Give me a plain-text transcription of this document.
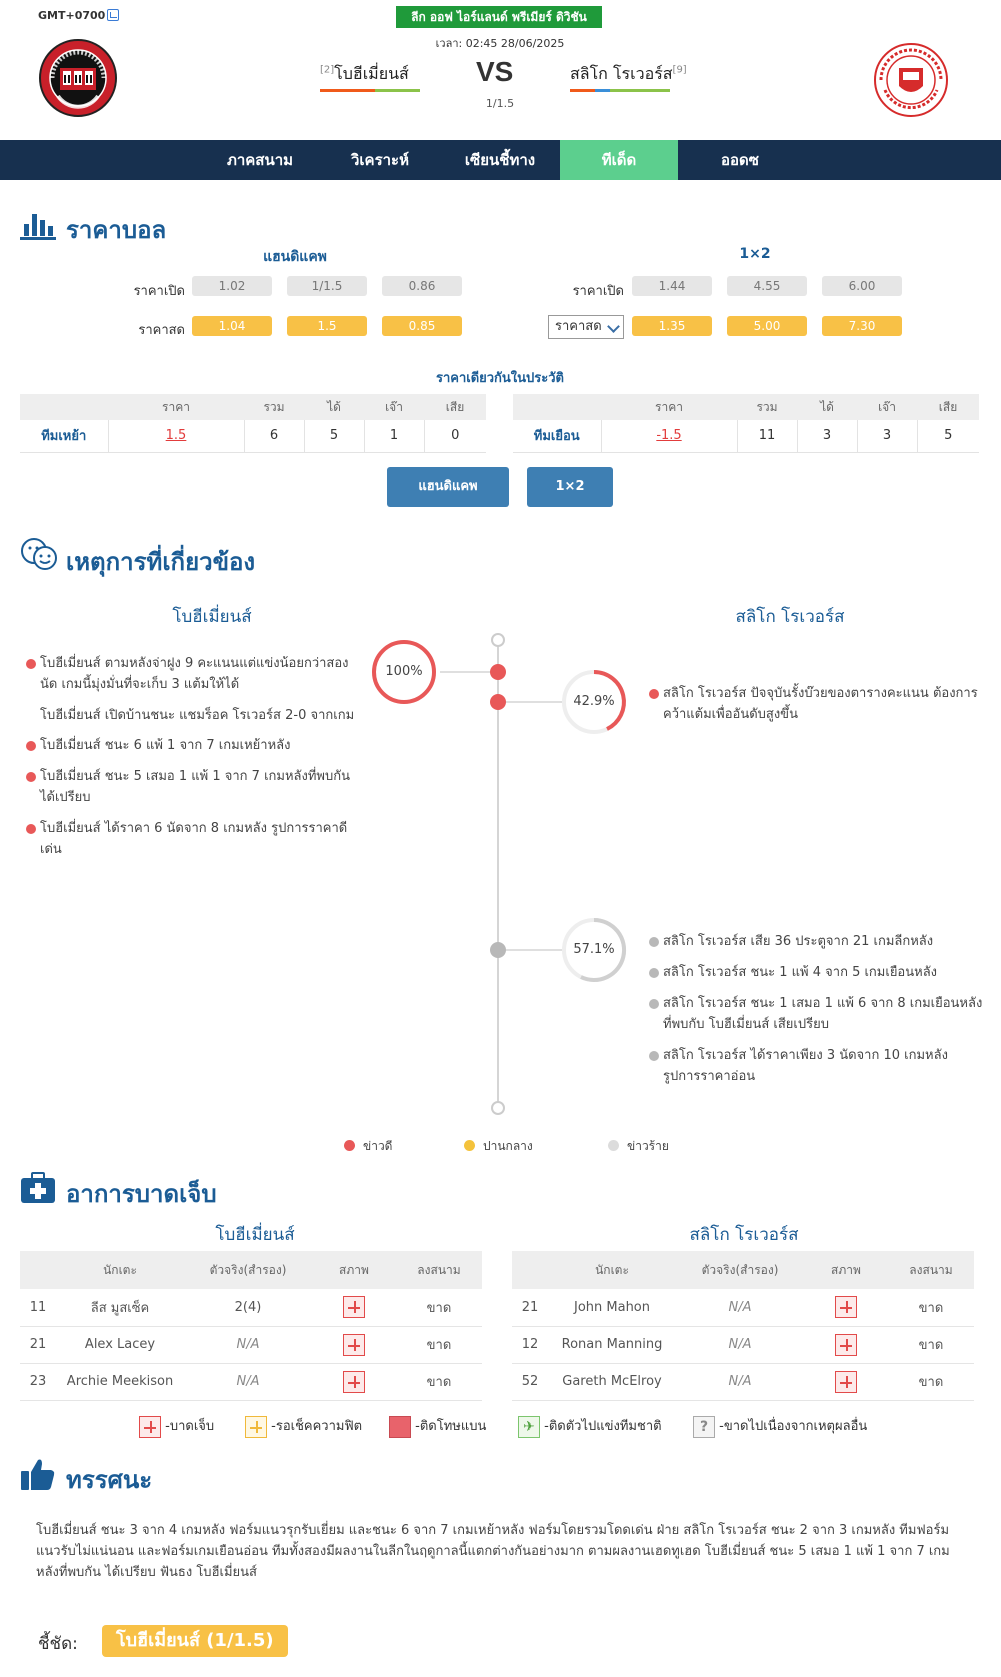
GMT+0700	ลีก ออฟ ไอร์แลนด์ พรีเมียร์ ดิวิชัน
เวลา: 02:45 28/06/2025
[2]โบฮีเมี่ยนส์ VS
1/1.5
สลิโก โรเวอร์ส[9]
ภาคสนาม	วิเคราะห์	เซียนชี้ทาง	ทีเด็ด	ออดซ
ราคาบอล
แฮนดิแคพ	1×2
ราคาเปิด	1.02	1/1.5	0.86
ราคาสด	1.04	1.5	0.85
ราคาเปิด	1.44	4.55	6.00
ราคาสด	1.35	5.00	7.30
ราคาเดียวกันในประวัติ
	ราคา	รวม	ได้	เจ๊า	เสีย
ทีมเหย้า	1.5	6	5	1	0
	ราคา	รวม	ได้	เจ๊า	เสีย
ทีมเยือน	-1.5	11	3	3	5
แฮนดิแคพ	1×2
เหตุการที่เกี่ยวข้อง
โบฮีเมี่ยนส์	สลิโก โรเวอร์ส
100%
42.9%
57.1%
โบฮีเมี่ยนส์ ตามหลังจ่าฝูง 9 คะแนนแต่แข่งน้อยกว่าสองนัด เกมนี้มุ่งมั่นที่จะเก็บ 3 แต้มให้ได้
โบฮีเมี่ยนส์ เปิดบ้านชนะ แชมร็อค โรเวอร์ส 2-0 จากเกม
โบฮีเมี่ยนส์ ชนะ 6 แพ้ 1 จาก 7 เกมเหย้าหลัง
โบฮีเมี่ยนส์ ชนะ 5 เสมอ 1 แพ้ 1 จาก 7 เกมหลังที่พบกัน ได้เปรียบ
โบฮีเมี่ยนส์ ได้ราคา 6 นัดจาก 8 เกมหลัง รูปการราคาดีเด่น
สลิโก โรเวอร์ส ปัจจุบันรั้งบ๊วยของตารางคะแนน ต้องการคว้าแต้มเพื่ออันดับสูงขึ้น
สลิโก โรเวอร์ส เสีย 36 ประตูจาก 21 เกมลีกหลัง
สลิโก โรเวอร์ส ชนะ 1 แพ้ 4 จาก 5 เกมเยือนหลัง
สลิโก โรเวอร์ส ชนะ 1 เสมอ 1 แพ้ 6 จาก 8 เกมเยือนหลังที่พบกับ โบฮีเมี่ยนส์ เสียเปรียบ
สลิโก โรเวอร์ส ได้ราคาเพียง 3 นัดจาก 10 เกมหลัง รูปการราคาอ่อน
ข่าวดี	ปานกลาง	ข่าวร้าย
อาการบาดเจ็บ
โบฮีเมี่ยนส์	สลิโก โรเวอร์ส
	นักเตะ	ตัวจริง(สำรอง)	สภาพ	ลงสนาม
11	ลีส มูสเซ็ค	2(4)		ขาด
21	Alex Lacey	N/A		ขาด
23	Archie Meekison	N/A		ขาด
	นักเตะ	ตัวจริง(สำรอง)	สภาพ	ลงสนาม
21	John Mahon	N/A		ขาด
12	Ronan Manning	N/A		ขาด
52	Gareth McElroy	N/A		ขาด
-บาดเจ็บ	-รอเช็คความฟิต	-ติดโทษแบน	✈ -ติดตัวไปแข่งทีมชาติ	? -ขาดไปเนื่องจากเหตุผลอื่น
ทรรศนะ
โบฮีเมี่ยนส์ ชนะ 3 จาก 4 เกมหลัง ฟอร์มแนวรุกรับเยี่ยม และชนะ 6 จาก 7 เกมเหย้าหลัง ฟอร์มโดยรวมโดดเด่น ฝ่าย สลิโก โรเวอร์ส ชนะ 2 จาก 3 เกมหลัง ทีมฟอร์มแนวรับไม่แน่นอน และฟอร์มเกมเยือนอ่อน ทีมทั้งสองมีผลงานในลีกในฤดูกาลนี้แตกต่างกันอย่างมาก ตามผลงานเฮดทูเฮด โบฮีเมี่ยนส์ ชนะ 5 เสมอ 1 แพ้ 1 จาก 7 เกมหลังที่พบกัน ได้เปรียบ ฟันธง โบฮีเมี่ยนส์
ชี้ชัด:	โบฮีเมี่ยนส์ (1/1.5)
